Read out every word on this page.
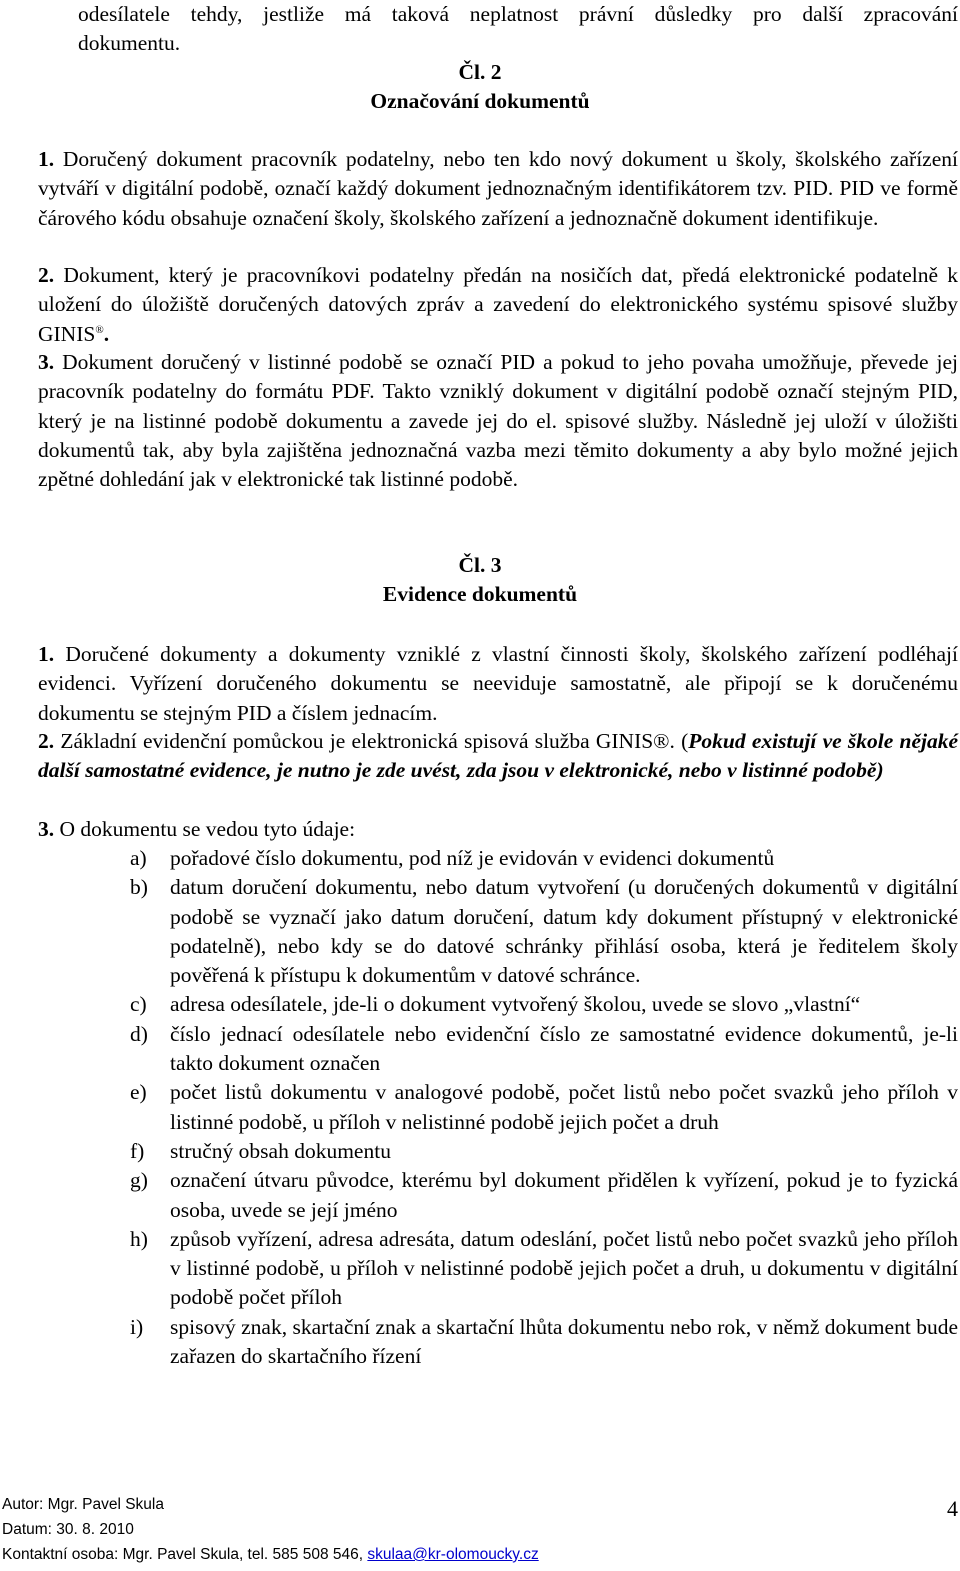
odesílatele tehdy, jestliže má taková neplatnost právní důsledky pro další zpracování

dokumentu.

Čl. 2

Označování dokumentů

1. Doručený dokument pracovník podatelny, nebo ten kdo nový dokument u školy, školského zařízení vytváří v digitální podobě, označí každý dokument jednoznačným identifikátorem tzv. PID. PID ve formě čárového kódu obsahuje označení školy, školského zařízení a jednoznačně dokument identifikuje.
2. Dokument, který je pracovníkovi podatelny předán na nosičích dat, předá elektronické podatelně k uložení do úložiště doručených datových zpráv a zavedení do elektronického systému spisové služby GINIS®.
3. Dokument doručený v listinné podobě se označí PID a pokud to jeho povaha umožňuje, převede jej pracovník podatelny do formátu PDF. Takto vzniklý dokument v digitální podobě označí stejným PID, který je na listinné podobě dokumentu a zavede jej do el. spisové služby. Následně jej uloží v úložišti dokumentů tak, aby byla zajištěna jednoznačná vazba mezi těmito dokumenty a aby bylo možné jejich zpětné dohledání jak v elektronické tak listinné podobě.

Čl. 3

Evidence dokumentů

1. Doručené dokumenty a dokumenty vzniklé z vlastní činnosti školy, školského zařízení podléhají evidenci. Vyřízení doručeného dokumentu se neeviduje samostatně, ale připojí se k doručenému dokumentu se stejným PID a číslem jednacím.
2. Základní evidenční pomůckou je elektronická spisová služba GINIS®. (Pokud existují ve škole nějaké další samostatné evidence, je nutno je zde uvést, zda jsou v elektronické, nebo v listinné podobě)
3. O dokumentu se vedou tyto údaje:
a) pořadové číslo dokumentu, pod níž je evidován v evidenci dokumentů
b) datum doručení dokumentu, nebo datum vytvoření (u doručených dokumentů v digitální podobě se vyznačí jako datum doručení, datum kdy dokument přístupný v elektronické podatelně), nebo kdy se do datové schránky přihlásí osoba, která je ředitelem školy pověřená k přístupu k dokumentům v datové schránce.
c) adresa odesílatele, jde-li o dokument vytvořený školou, uvede se slovo „vlastní“
d) číslo jednací odesílatele nebo evidenční číslo ze samostatné evidence dokumentů, je-li takto dokument označen
e) počet listů dokumentu v analogové podobě, počet listů nebo počet svazků jeho příloh v listinné podobě, u příloh v nelistinné podobě jejich počet a druh
f) stručný obsah dokumentu
g) označení útvaru původce, kterému byl dokument přidělen k vyřízení, pokud je to fyzická osoba, uvede se její jméno
h) způsob vyřízení, adresa adresáta, datum odeslání, počet listů nebo počet svazků jeho příloh v listinné podobě, u příloh v nelistinné podobě jejich počet a druh, u dokumentu v digitální podobě počet příloh
i) spisový znak, skartační znak a skartační lhůta dokumentu nebo rok, v němž dokument bude zařazen do skartačního řízení
Autor: Mgr. Pavel Skula
Datum: 30. 8. 2010
Kontaktní osoba: Mgr. Pavel Skula, tel. 585 508 546, skulaa@kr-olomoucky.cz
4
